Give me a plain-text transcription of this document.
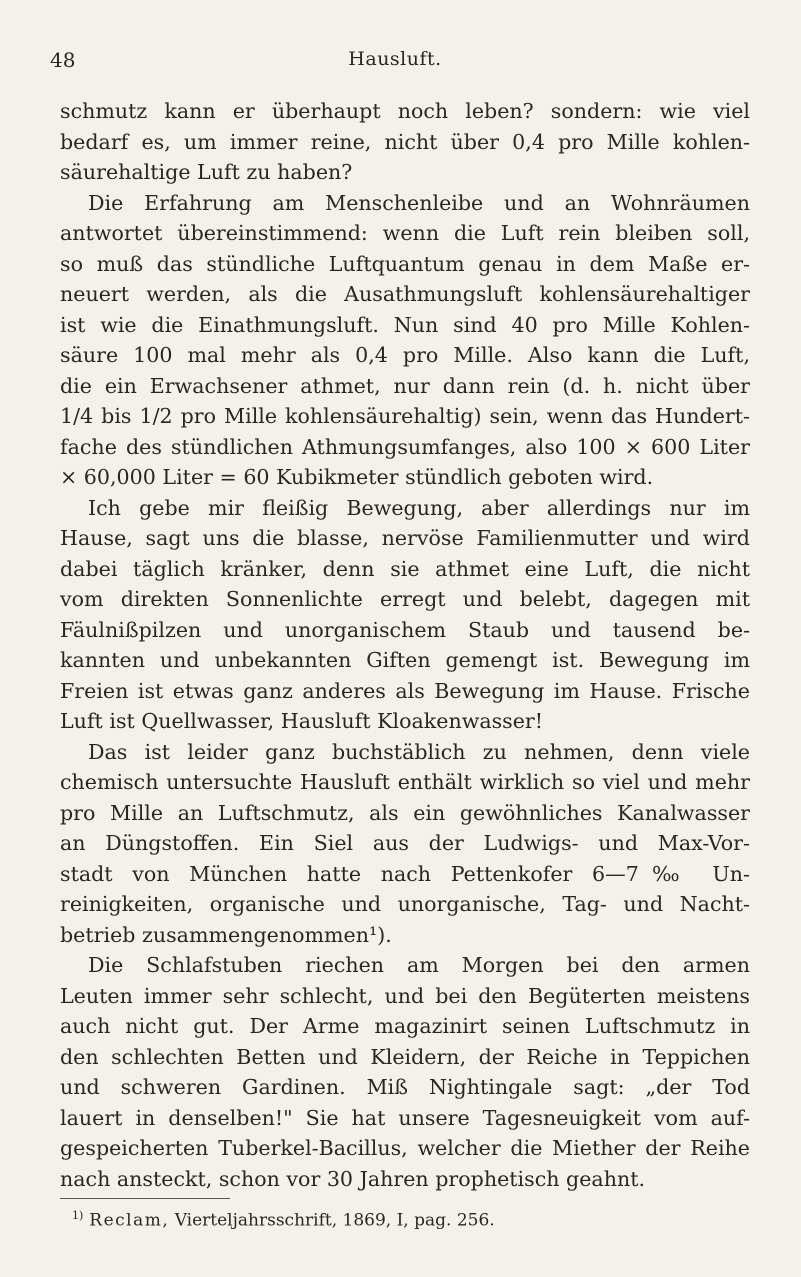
48	Hausluft.
schmutz kann er überhaupt noch leben? sondern: wie viel
bedarf es, um immer reine, nicht über 0,4 pro Mille kohlen-
säurehaltige Luft zu haben?
Die Erfahrung am Menschenleibe und an Wohnräumen
antwortet übereinstimmend: wenn die Luft rein bleiben soll,
so muß das stündliche Luftquantum genau in dem Maße er-
neuert werden, als die Ausathmungsluft kohlensäurehaltiger
ist wie die Einathmungsluft. Nun sind 40 pro Mille Kohlen-
säure 100 mal mehr als 0,4 pro Mille. Also kann die Luft,
die ein Erwachsener athmet, nur dann rein (d. h. nicht über
1/4 bis 1/2 pro Mille kohlensäurehaltig) sein, wenn das Hundert-
fache des stündlichen Athmungsumfanges, also 100 × 600 Liter
× 60,000 Liter = 60 Kubikmeter stündlich geboten wird.
Ich gebe mir fleißig Bewegung, aber allerdings nur im
Hause, sagt uns die blasse, nervöse Familienmutter und wird
dabei täglich kränker, denn sie athmet eine Luft, die nicht
vom direkten Sonnenlichte erregt und belebt, dagegen mit
Fäulnißpilzen und unorganischem Staub und tausend be-
kannten und unbekannten Giften gemengt ist. Bewegung im
Freien ist etwas ganz anderes als Bewegung im Hause. Frische
Luft ist Quellwasser, Hausluft Kloakenwasser!
Das ist leider ganz buchstäblich zu nehmen, denn viele
chemisch untersuchte Hausluft enthält wirklich so viel und mehr
pro Mille an Luftschmutz, als ein gewöhnliches Kanalwasser
an Düngstoffen. Ein Siel aus der Ludwigs- und Max-Vor-
stadt von München hatte nach Pettenkofer 6—7‰ Un-
reinigkeiten, organische und unorganische, Tag- und Nacht-
betrieb zusammengenommen¹).
Die Schlafstuben riechen am Morgen bei den armen
Leuten immer sehr schlecht, und bei den Begüterten meistens
auch nicht gut. Der Arme magazinirt seinen Luftschmutz in
den schlechten Betten und Kleidern, der Reiche in Teppichen
und schweren Gardinen. Miß Nightingale sagt: „der Tod
lauert in denselben!" Sie hat unsere Tagesneuigkeit vom auf-
gespeicherten Tuberkel-Bacillus, welcher die Miether der Reihe
nach ansteckt, schon vor 30 Jahren prophetisch geahnt.
$^{1)}$ Reclam, Vierteljahrsschrift, 1869, I, pag. 256.
